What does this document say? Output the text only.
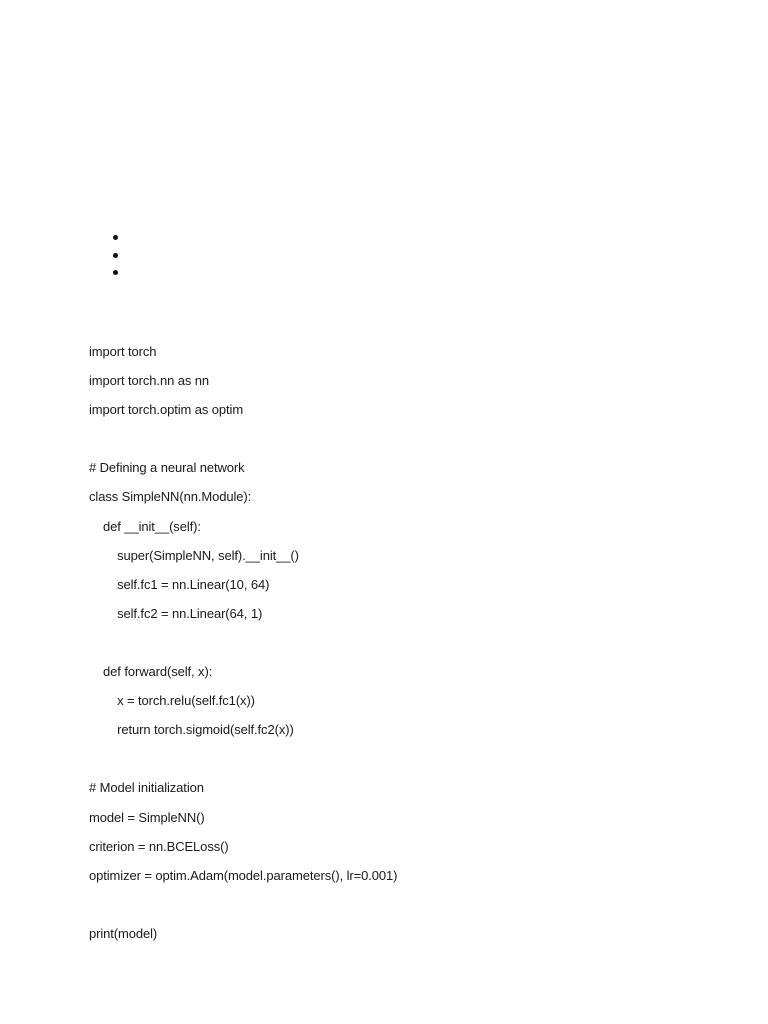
import torch
import torch.nn as nn
import torch.optim as optim
# Defining a neural network
class SimpleNN(nn.Module):
def __init__(self):
super(SimpleNN, self).__init__()
self.fc1 = nn.Linear(10, 64)
self.fc2 = nn.Linear(64, 1)
def forward(self, x):
x = torch.relu(self.fc1(x))
return torch.sigmoid(self.fc2(x))
# Model initialization
model = SimpleNN()
criterion = nn.BCELoss()
optimizer = optim.Adam(model.parameters(), lr=0.001)
print(model)
